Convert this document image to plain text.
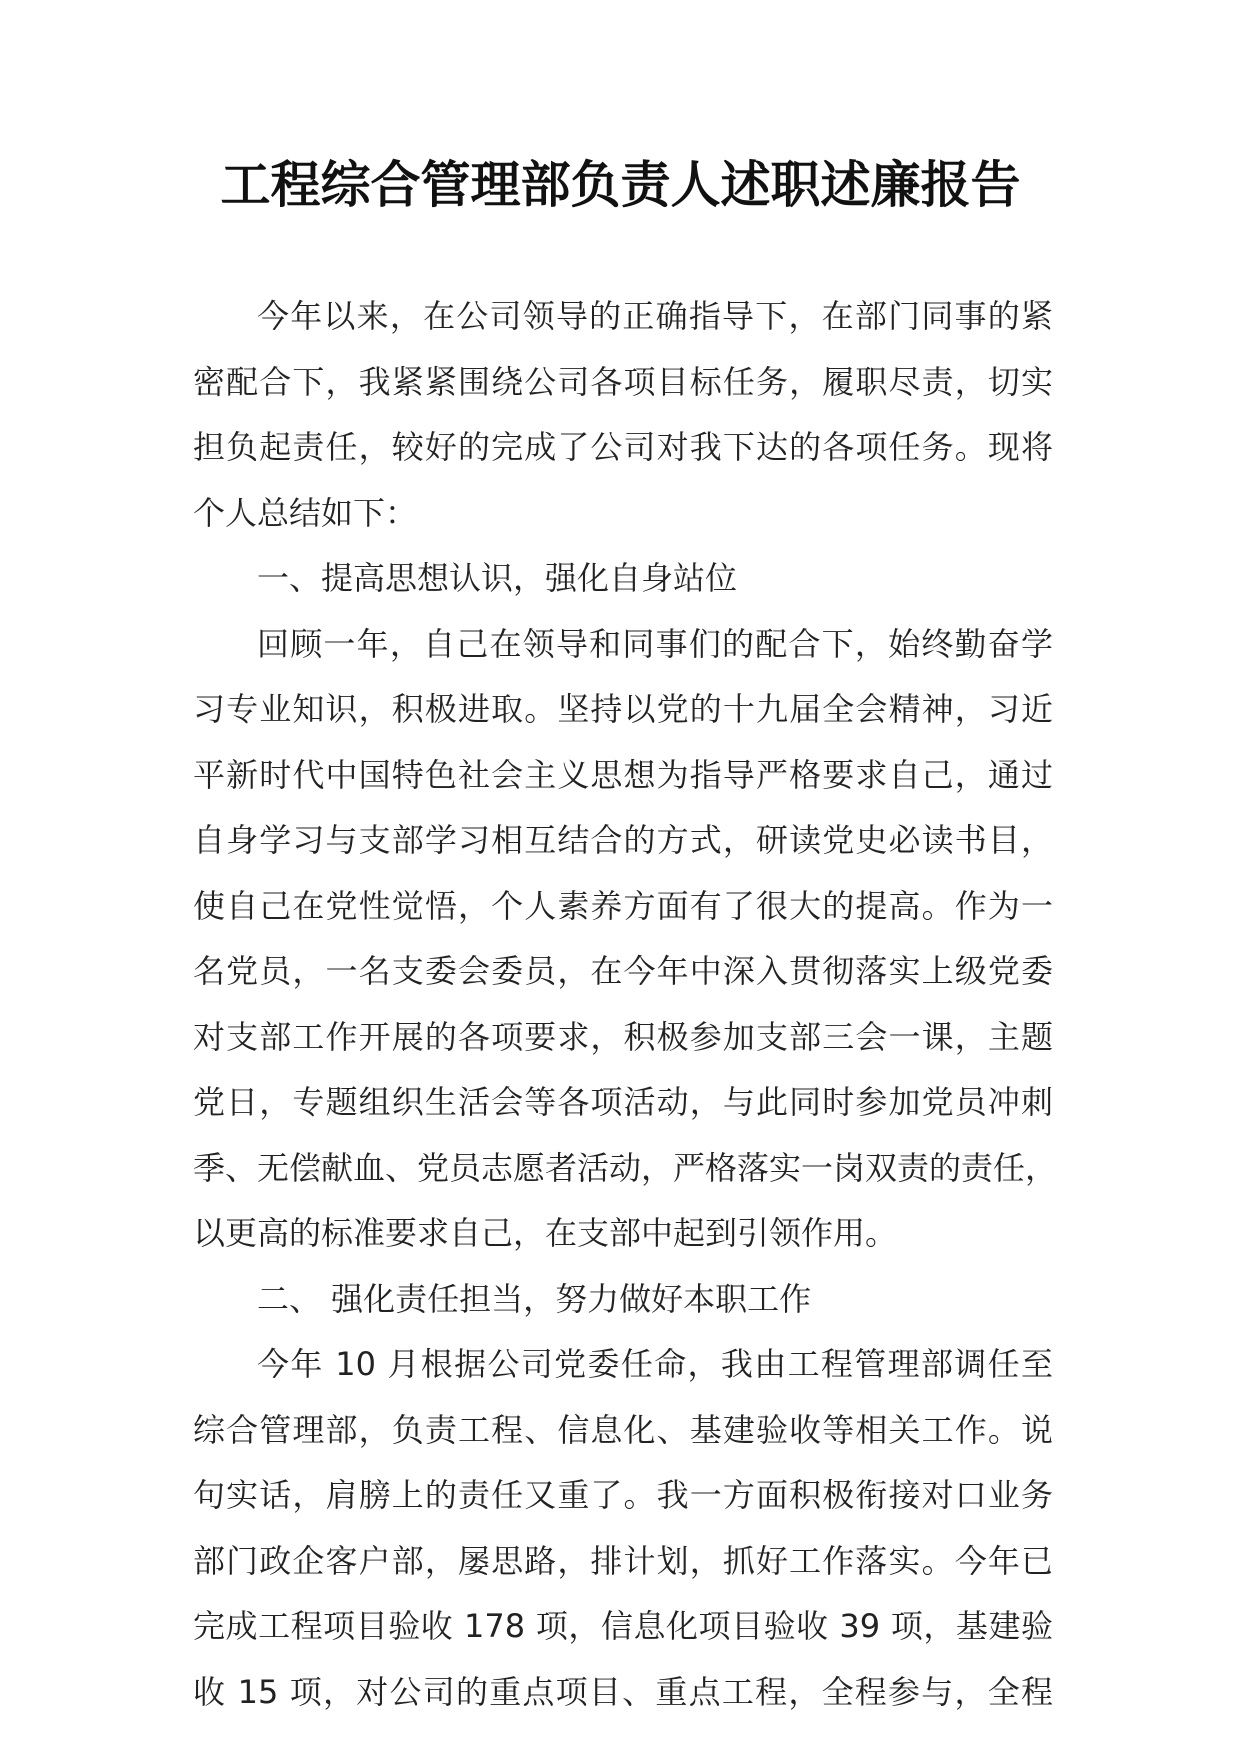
工程综合管理部负责人述职述廉报告
今年以来，在公司领导的正确指导下，在部门同事的紧
密配合下，我紧紧围绕公司各项目标任务，履职尽责，切实
担负起责任，较好的完成了公司对我下达的各项任务。现将
个人总结如下：
一、提高思想认识，强化自身站位
回顾一年，自己在领导和同事们的配合下，始终勤奋学
习专业知识，积极进取。坚持以党的十九届全会精神，习近
平新时代中国特色社会主义思想为指导严格要求自己，通过
自身学习与支部学习相互结合的方式，研读党史必读书目，
使自己在党性觉悟，个人素养方面有了很大的提高。作为一
名党员，一名支委会委员，在今年中深入贯彻落实上级党委
对支部工作开展的各项要求，积极参加支部三会一课，主题
党日，专题组织生活会等各项活动，与此同时参加党员冲刺
季、无偿献血、党员志愿者活动，严格落实一岗双责的责任，
以更高的标准要求自己，在支部中起到引领作用。
二、 强化责任担当，努力做好本职工作
今年 10 月根据公司党委任命，我由工程管理部调任至
综合管理部，负责工程、信息化、基建验收等相关工作。说
句实话，肩膀上的责任又重了。我一方面积极衔接对口业务
部门政企客户部，屡思路，排计划，抓好工作落实。今年已
完成工程项目验收 178 项，信息化项目验收 39 项，基建验
收 15 项，对公司的重点项目、重点工程，全程参与，全程
